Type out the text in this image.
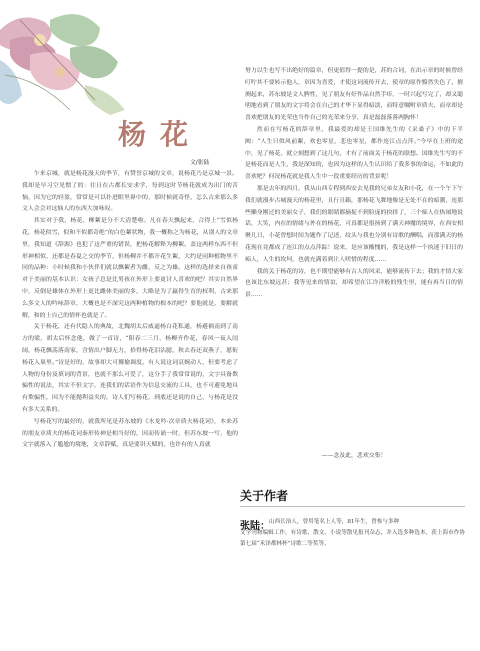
杨花
文/张陆

乍来京城，就是杨花漫天的季节，有赞誉京城的文章，说杨花乃是京城一景。我却是早习空见惯了的：往日在古都长安求学，每到这时节杨花就成为出门的苦恼，因为它的轻盈，常常是可以扑进眼里鼻中的，那时候就奇怪，怎么古来那么多文人会会对这恼人的东西大加咏叹。

其实对于我，杨花、柳絮是分不大清楚啦。凡在春天飘起来，合得上“雪似杨花，杨花似雪，似和不似都奇绝”的白色絮状物，我一概称之为杨花，从别人的文章里，我知道《辞源》也犯了这严重的错误，把杨花解释为柳絮。盖这两样东西不但形神相似，还都是春夏之交的季节，但杨柳并不都开花生絮，大约是同种植物里不同的品种：小时候我和小伙伴们就以飘絮者为雌，反之为雄。这样的选择来自孩童对于美丽的基本认识：女孩子总是比男孩在外形上要更讨人喜欢的吧？其实自然界中，反倒是雄体在外形上更比雌体美丽的多，大略是为了赢得生育的权利，古来那么多文人的吟咏辞章，大概也是不深究这两种植物的根本的吧？要他就是，要解就解，和的上自己的情怀也就是了。

关于杨花，还有代隐人的典故，北魏胡太后威逼杨白花私通，杨避祸南到了南方的梁，胡太后怀念他，做了一首诗，“阳春二三月，杨柳齐作花，春风一夜入闺闼，杨花飘荡落南家，含情出户脚无力，拾得杨花泪沾臆，秋去春还双燕子，愿衔杨花入巢里。”诗是好的，故事却大可揶揄调度，有人说这词哀婉动人，但要考虑了人物的身份及填词的背景，也就不那么可爱了，这分手了我常常说的，文字具备欺骗性的说法，其实不但文字，连我们的话语作为信息交流的工具，也不可避免地具有欺骗性，因为不能抛利益夹的，诗人们写杨花，到底还是说的自己，与杨花是没有多大关系的。

写杨花写的最好的，就我所见是苏东坡的《水龙吟·次章质夫杨花词》，本来苏的朋友章质夫的杨花词秦形传神是相当好的，因而传诵一时，但苏东坡一写，他的文字就落入了尴尬的境地，文章辞赋，真是要讲天赋的，也许有的人真就

努力以生也写不出绝好的篇章，但更值得一提的是，苏的合词，在出示章的时候曾经叮咛其不要转示他人，章因为喜爱，才使这词流传开去，使章的原作黯然失色了，擅测起来，苏东坡是文人脾性，见了朋友有好作品自然手痒，一时兴起写完了，却又聪明地看到了朋友的文字将会在自己的才华下显得暗淡，而特意嘱咐章质夫，而章却是喜欢把朋友的光荣也当作自己的光荣来分享，真是磊磊落落两胸怀！

然而在写杨花的辞章里，我最爱的却是王国维先生的《采桑子》中的下半阙：“人生只似风前絮，欢也零星，悲也零星，都作连江点点萍。”今早在上班的途中，见了杨花，就立刻想到了这几句，才有了前面关于杨花的联想。国维先生写的不是杨花而是人生，我是深知的，也因为这样的人生认识给了我多事的命运，不如此的喜欢吧？何况杨花就是我人生中一段重要经历的背景呢！

那是去年的四月，我从山西专程到西安去见我的兄弟女友和小花，在一个午下午我们就漫步古城漫天的杨花里，且行且籁，那杨花飞舞地像是无处不在的暗潮，连那些懒身刚过的美丽女子，我们的眼睛都摘捉不到脸庞的抉择了，三个痴人在热闹地说话，大笑，内在的情绪与外在的杨花，可真都是很扬到了满天神魔的境界，在西安相聚几日，小花曾想时间为题作了记述，纹头与我也分别有诗歌的酬唱，而那满天的杨花现在竟都成了连江的点点萍踪！说来，是应该酸愧的，我是这样一个执迷于旧日的痴人，人生的坎坷，也就充满着到让人嗟惜的程度……

我的关于杨花的诗，也不期望能够有古人的风采，能够流传下去；我的才情大家也该比东坡远甚；我等见来的情谊，却希望在江冷洋般的残生里，能有再当日的情景……

——念及此，悲欢交集！
关于作者
张陆： 山西长治人，曾用笔名上人等，81年生，曾参与多种
文学刊物编辑工作，有诗歌、散文、小说等散见报刊杂志，并入选多种选本，获上海市作协第七届“禾泽都林杯”诗歌二等奖等。
